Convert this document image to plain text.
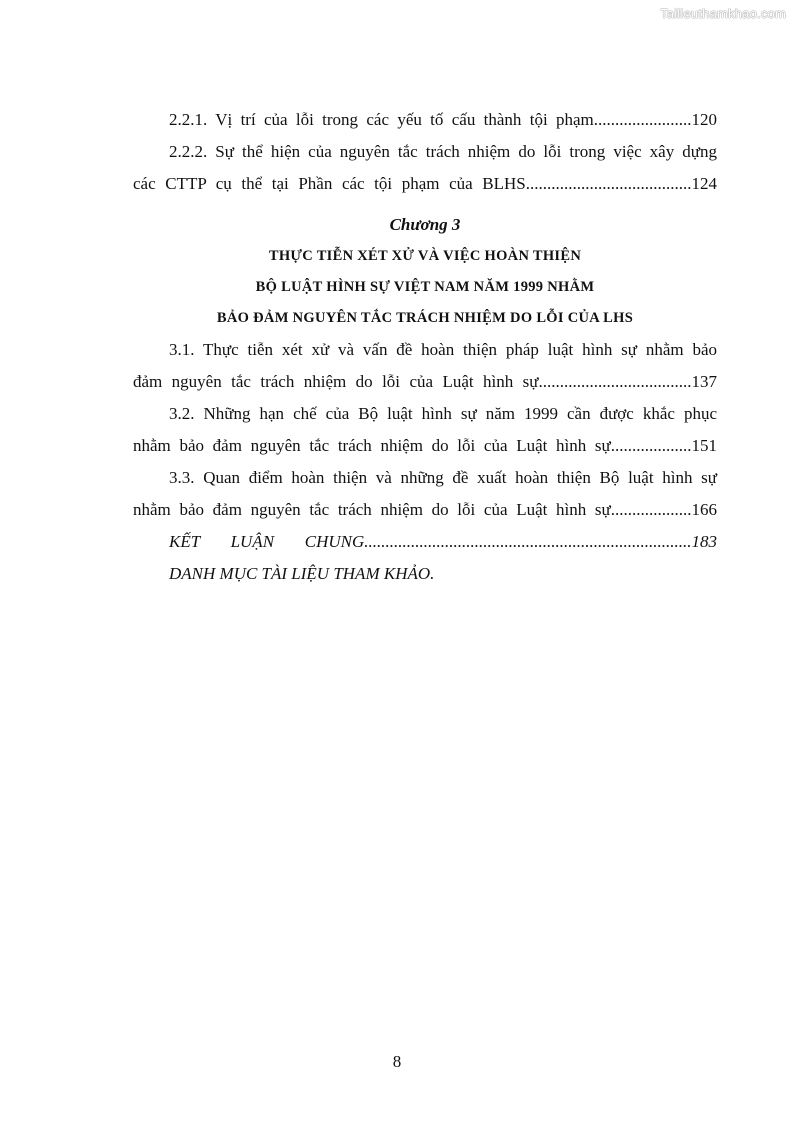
Tailieuthamkhao.com
2.2.1. Vị trí của lỗi trong các yếu tố cấu thành tội phạm.......................120
2.2.2. Sự thể hiện của nguyên tắc trách nhiệm do lỗi trong việc xây dựng
các CTTP cụ thể tại Phần các tội phạm của BLHS.......................................124
Chương 3
THỰC TIỄN XÉT XỬ VÀ VIỆC HOÀN THIỆN
BỘ LUẬT HÌNH SỰ VIỆT NAM NĂM 1999 NHẰM
BẢO ĐẢM NGUYÊN TẮC TRÁCH NHIỆM DO LỖI CỦA LHS
3.1. Thực tiễn xét xử và vấn đề hoàn thiện pháp luật hình sự nhằm bảo
đảm nguyên tắc trách nhiệm do lỗi của Luật hình sự....................................137
3.2. Những hạn chế của Bộ luật hình sự năm 1999 cần được khắc phục
nhằm bảo đảm nguyên tắc trách nhiệm do lỗi của Luật hình sự...................151
3.3. Quan điểm hoàn thiện và những đề xuất hoàn thiện Bộ luật hình sự
nhằm bảo đảm nguyên tắc trách nhiệm do lỗi của Luật hình sự...................166
KẾT LUẬN CHUNG.............................................................................183
DANH MỤC TÀI LIỆU THAM KHẢO.
8
